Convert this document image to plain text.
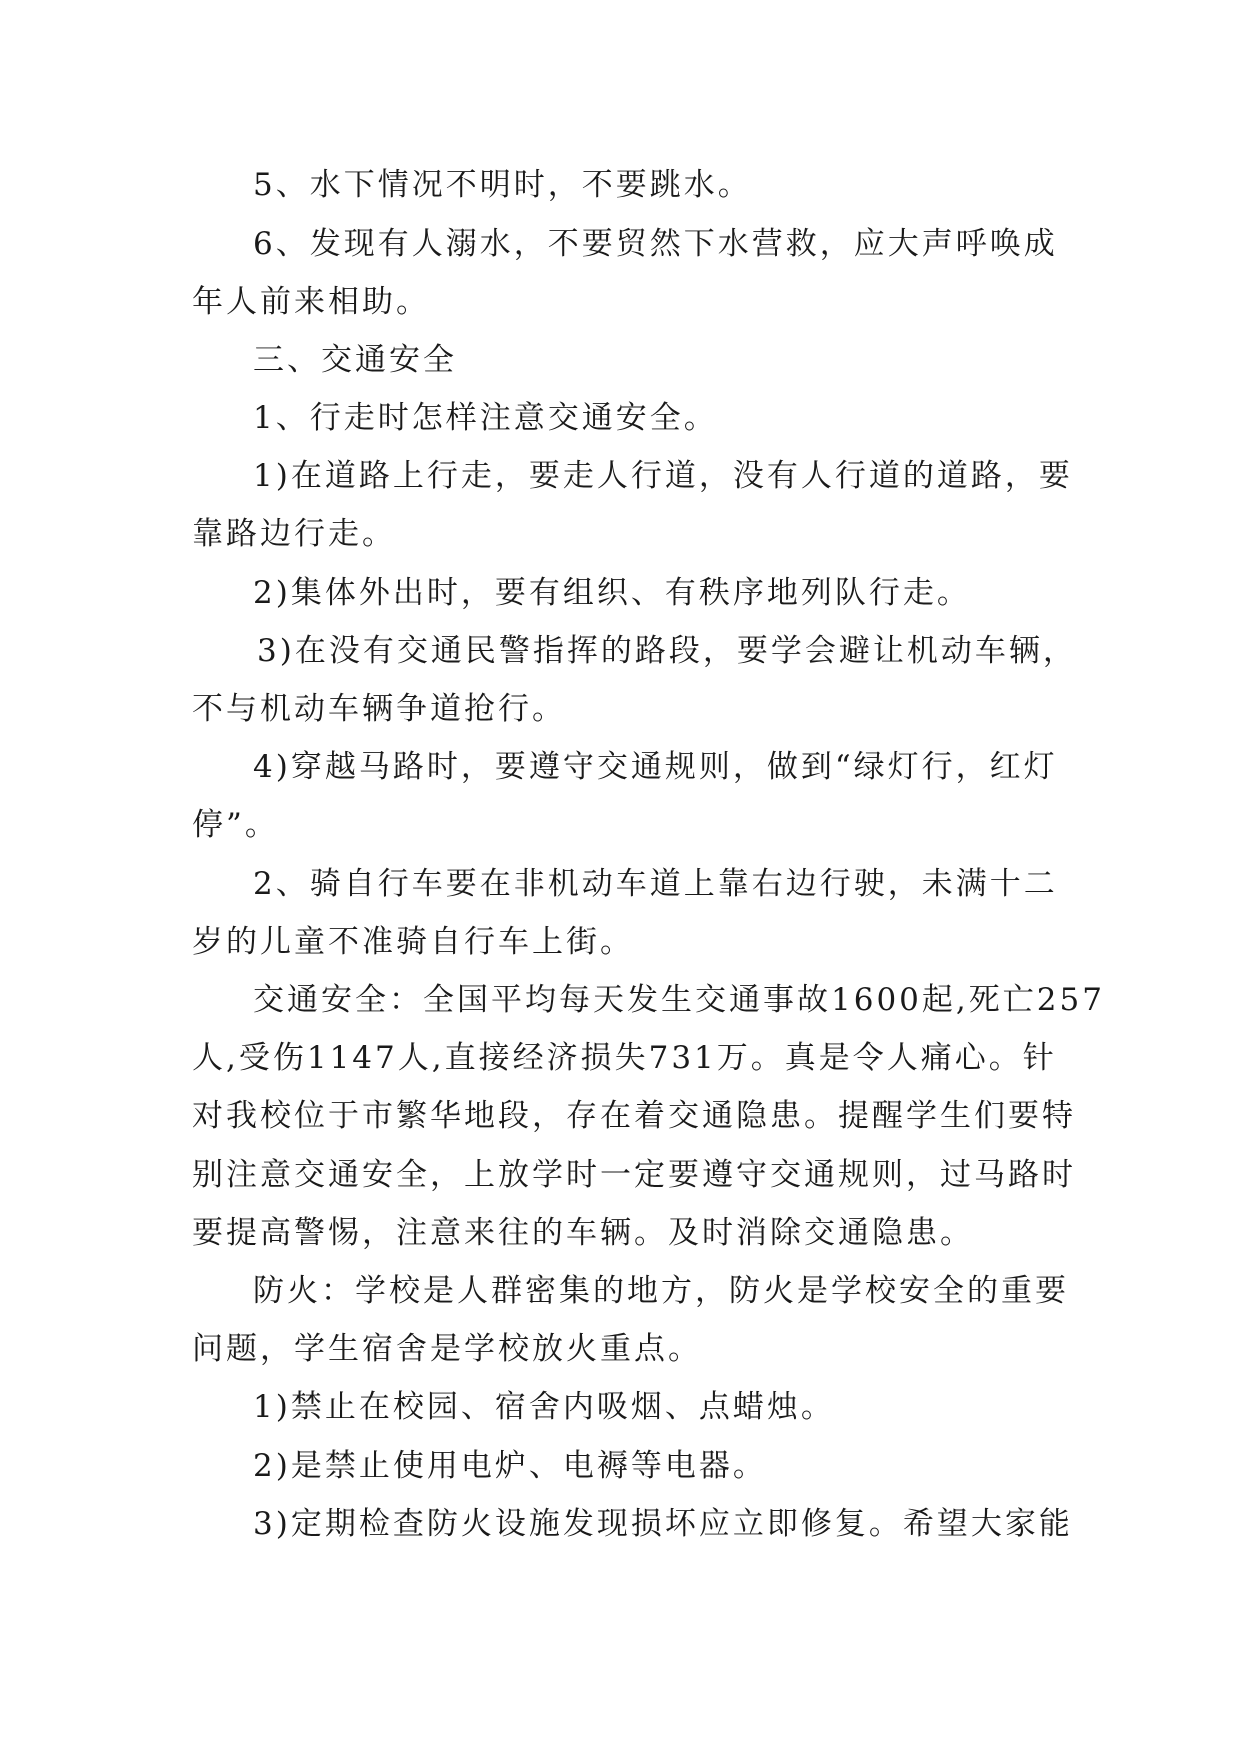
5、水下情况不明时，不要跳水。

6、发现有人溺水，不要贸然下水营救，应大声呼唤成

年人前来相助。

三、交通安全

1、行走时怎样注意交通安全。

1)在道路上行走，要走人行道，没有人行道的道路，要

靠路边行走。

2)集体外出时，要有组织、有秩序地列队行走。

3)在没有交通民警指挥的路段，要学会避让机动车辆，

不与机动车辆争道抢行。

4)穿越马路时，要遵守交通规则，做到“绿灯行，红灯

停”。

2、骑自行车要在非机动车道上靠右边行驶，未满十二

岁的儿童不准骑自行车上街。

交通安全：全国平均每天发生交通事故1600起,死亡257

人,受伤1147人,直接经济损失731万。真是令人痛心。针

对我校位于市繁华地段，存在着交通隐患。提醒学生们要特

别注意交通安全，上放学时一定要遵守交通规则，过马路时

要提高警惕，注意来往的车辆。及时消除交通隐患。

防火：学校是人群密集的地方，防火是学校安全的重要

问题，学生宿舍是学校放火重点。

1)禁止在校园、宿舍内吸烟、点蜡烛。

2)是禁止使用电炉、电褥等电器。

3)定期检查防火设施发现损坏应立即修复。希望大家能
